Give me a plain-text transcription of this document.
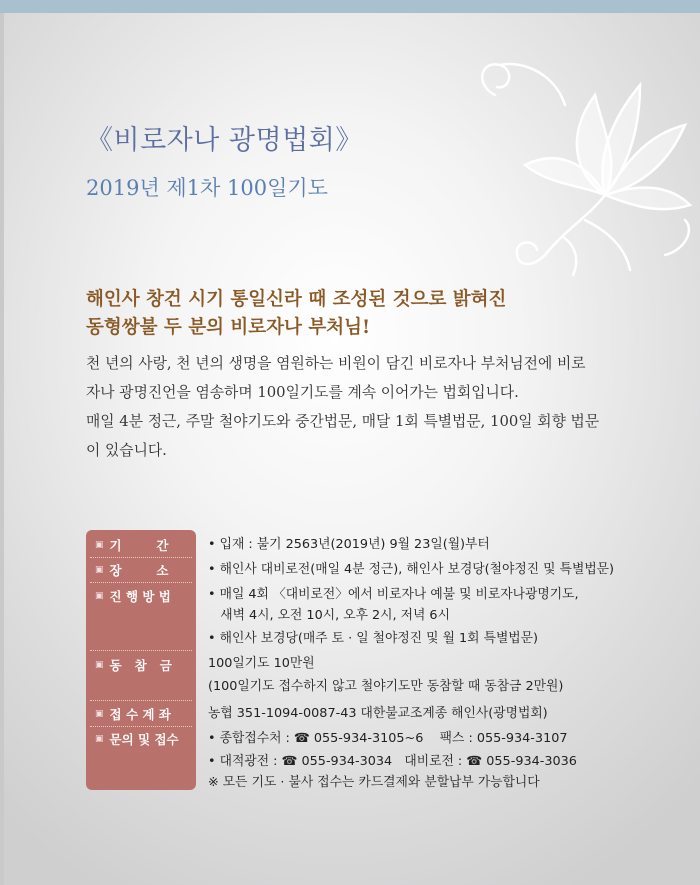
《비로자나 광명법회》
2019년 제1차 100일기도
해인사 창건 시기 통일신라 때 조성된 것으로 밝혀진
동형쌍불 두 분의 비로자나 부처님!

천 년의 사랑, 천 년의 생명을 염원하는 비원이 담긴 비로자나 부처님전에 비로

자나 광명진언을 염송하며 100일기도를 계속 이어가는 법회입니다.

매일 4분 정근, 주말 철야기도와 중간법문, 매달 1회 특별법문, 100일 회향 법문

이 있습니다.

▣ 기        간
▣ 장        소
▣ 진 행 방 법
▣ 동   참   금
▣ 접 수 계 좌
▣ 문의 및 접수
• 입재 : 불기 2563년(2019년) 9월 23일(월)부터
• 해인사 대비로전(매일 4분 정근), 해인사 보경당(철야정진 및 특별법문)
• 매일 4회 〈대비로전〉에서 비로자나 예불 및 비로자나광명기도,
새벽 4시, 오전 10시, 오후 2시, 저녁 6시
• 해인사 보경당(매주 토 · 일 철야정진 및 월 1회 특별법문)
100일기도 10만원
(100일기도 접수하지 않고 철야기도만 동참할 때 동참금 2만원)
농협 351-1094-0087-43 대한불교조계종 해인사(광명법회)
• 종합접수처 : ☎ 055-934-3105~6    팩스 : 055-934-3107
• 대적광전 : ☎ 055-934-3034   대비로전 : ☎ 055-934-3036
※ 모든 기도 · 불사 접수는 카드결제와 분할납부 가능합니다
